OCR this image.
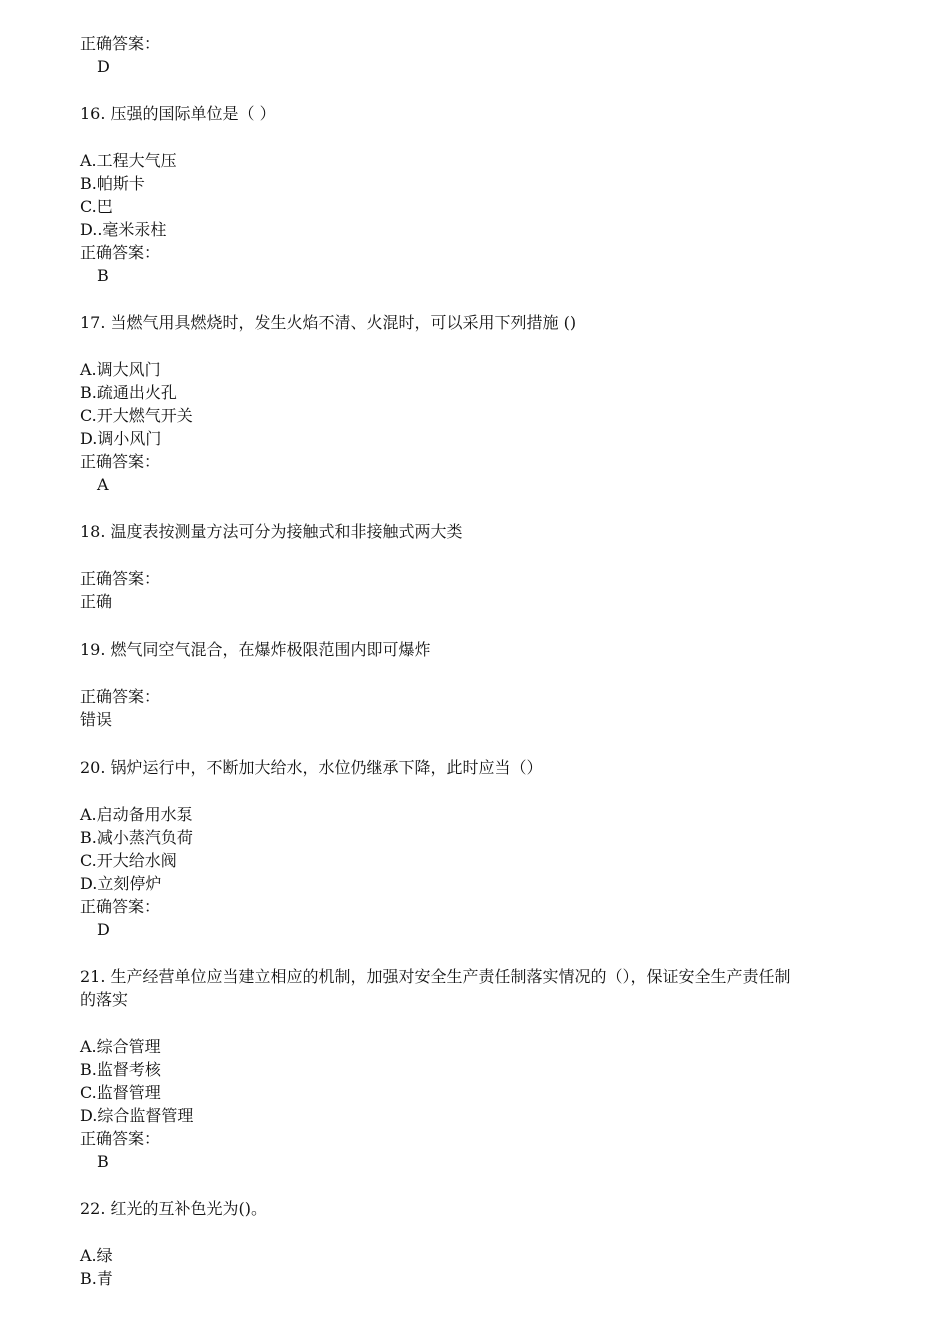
正确答案：
D
16. 压强的国际单位是（ ）
A.工程大气压
B.帕斯卡
C.巴
D..毫米汞柱
正确答案：
B
17. 当燃气用具燃烧时，发生火焰不清、火混时，可以采用下列措施 ()
A.调大风门
B.疏通出火孔
C.开大燃气开关
D.调小风门
正确答案：
A
18. 温度表按测量方法可分为接触式和非接触式两大类
正确答案：
正确
19. 燃气同空气混合，在爆炸极限范围内即可爆炸
正确答案：
错误
20. 锅炉运行中，不断加大给水，水位仍继承下降，此时应当（）
A.启动备用水泵
B.减小蒸汽负荷
C.开大给水阀
D.立刻停炉
正确答案：
D
21. 生产经营单位应当建立相应的机制，加强对安全生产责任制落实情况的（），保证安全生产责任制
的落实
A.综合管理
B.监督考核
C.监督管理
D.综合监督管理
正确答案：
B
22. 红光的互补色光为()。
A.绿
B.青
